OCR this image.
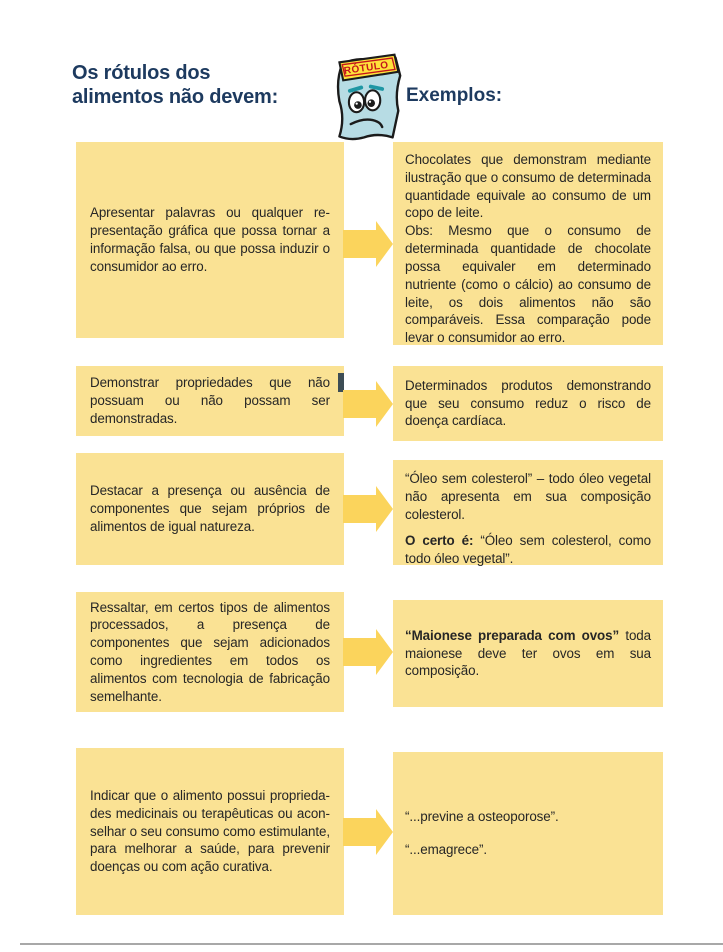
Os rótulos dos
alimentos não devem:
RÓTULO
Exemplos:

Apresentar palavras ou qualquer representação gráfica que possa tornar a informação falsa, ou que possa induzir o consumidor ao erro.

Chocolates que demonstram mediante ilustração que o consumo de determinada quantidade equivale ao consumo de um copo de leite.

Obs: Mesmo que o consumo de determinada quantidade de chocolate possa equivaler em determinado nutriente (como o cálcio) ao consumo de leite, os dois alimentos não são comparáveis. Essa comparação pode levar o consumidor ao erro.

Demonstrar propriedades que não possuam ou não possam ser demonstradas.

Determinados produtos demonstrando que seu consumo reduz o risco de doença cardíaca.

Destacar a presença ou ausência de componentes que sejam próprios de alimentos de igual natureza.

“Óleo sem colesterol” – todo óleo vegetal não apresenta em sua composição colesterol.

O certo é: “Óleo sem colesterol, como todo óleo vegetal”.

Ressaltar, em certos tipos de alimentos processados, a presença de componentes que sejam adicionados como ingredientes em todos os alimentos com tecnologia de fabricação semelhante.

“Maionese preparada com ovos” toda maionese deve ter ovos em sua composição.

Indicar que o alimento possui propriedades medicinais ou terapêuticas ou aconselhar o seu consumo como estimulante, para melhorar a saúde, para prevenir doenças ou com ação curativa.

“...previne a osteoporose”.

“...emagrece”.
